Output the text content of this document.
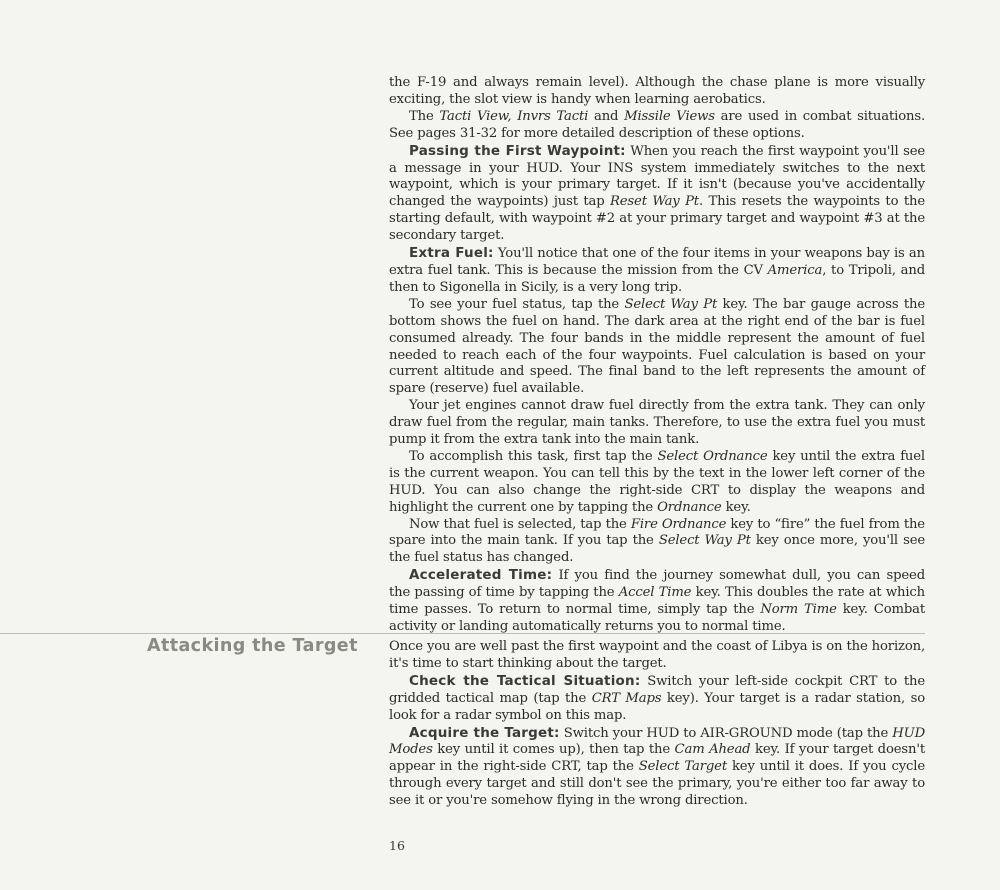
the F-19 and always remain level). Although the chase plane is more visually exciting, the slot view is handy when learning aerobatics.

The Tacti View, Invrs Tacti and Missile Views are used in combat situations. See pages 31-32 for more detailed description of these options.

Passing the First Waypoint: When you reach the first waypoint you'll see a message in your HUD. Your INS system immediately switches to the next waypoint, which is your primary target. If it isn't (because you've accidentally changed the waypoints) just tap Reset Way Pt. This resets the waypoints to the starting default, with waypoint #2 at your primary target and waypoint #3 at the secondary target.

Extra Fuel: You'll notice that one of the four items in your weapons bay is an extra fuel tank. This is because the mission from the CV America, to Tripoli, and then to Sigonella in Sicily, is a very long trip.

To see your fuel status, tap the Select Way Pt key. The bar gauge across the bottom shows the fuel on hand. The dark area at the right end of the bar is fuel consumed already. The four bands in the middle represent the amount of fuel needed to reach each of the four waypoints. Fuel calculation is based on your current altitude and speed. The final band to the left represents the amount of spare (reserve) fuel available.

Your jet engines cannot draw fuel directly from the extra tank. They can only draw fuel from the regular, main tanks. Therefore, to use the extra fuel you must pump it from the extra tank into the main tank.

To accomplish this task, first tap the Select Ordnance key until the extra fuel is the current weapon. You can tell this by the text in the lower left corner of the HUD. You can also change the right-side CRT to display the weapons and highlight the current one by tapping the Ordnance key.

Now that fuel is selected, tap the Fire Ordnance key to “fire” the fuel from the spare into the main tank. If you tap the Select Way Pt key once more, you'll see the fuel status has changed.

Accelerated Time: If you find the journey somewhat dull, you can speed the passing of time by tapping the Accel Time key. This doubles the rate at which time passes. To return to normal time, simply tap the Norm Time key. Combat activity or landing automatically returns you to normal time.

Attacking the Target Once you are well past the first waypoint and the coast of Libya is on the horizon, it's time to start thinking about the target.

Check the Tactical Situation: Switch your left-side cockpit CRT to the gridded tactical map (tap the CRT Maps key). Your target is a radar station, so look for a radar symbol on this map.

Acquire the Target: Switch your HUD to AIR-GROUND mode (tap the HUD Modes key until it comes up), then tap the Cam Ahead key. If your target doesn't appear in the right-side CRT, tap the Select Target key until it does. If you cycle through every target and still don't see the primary, you're either too far away to see it or you're somehow flying in the wrong direction.

16
